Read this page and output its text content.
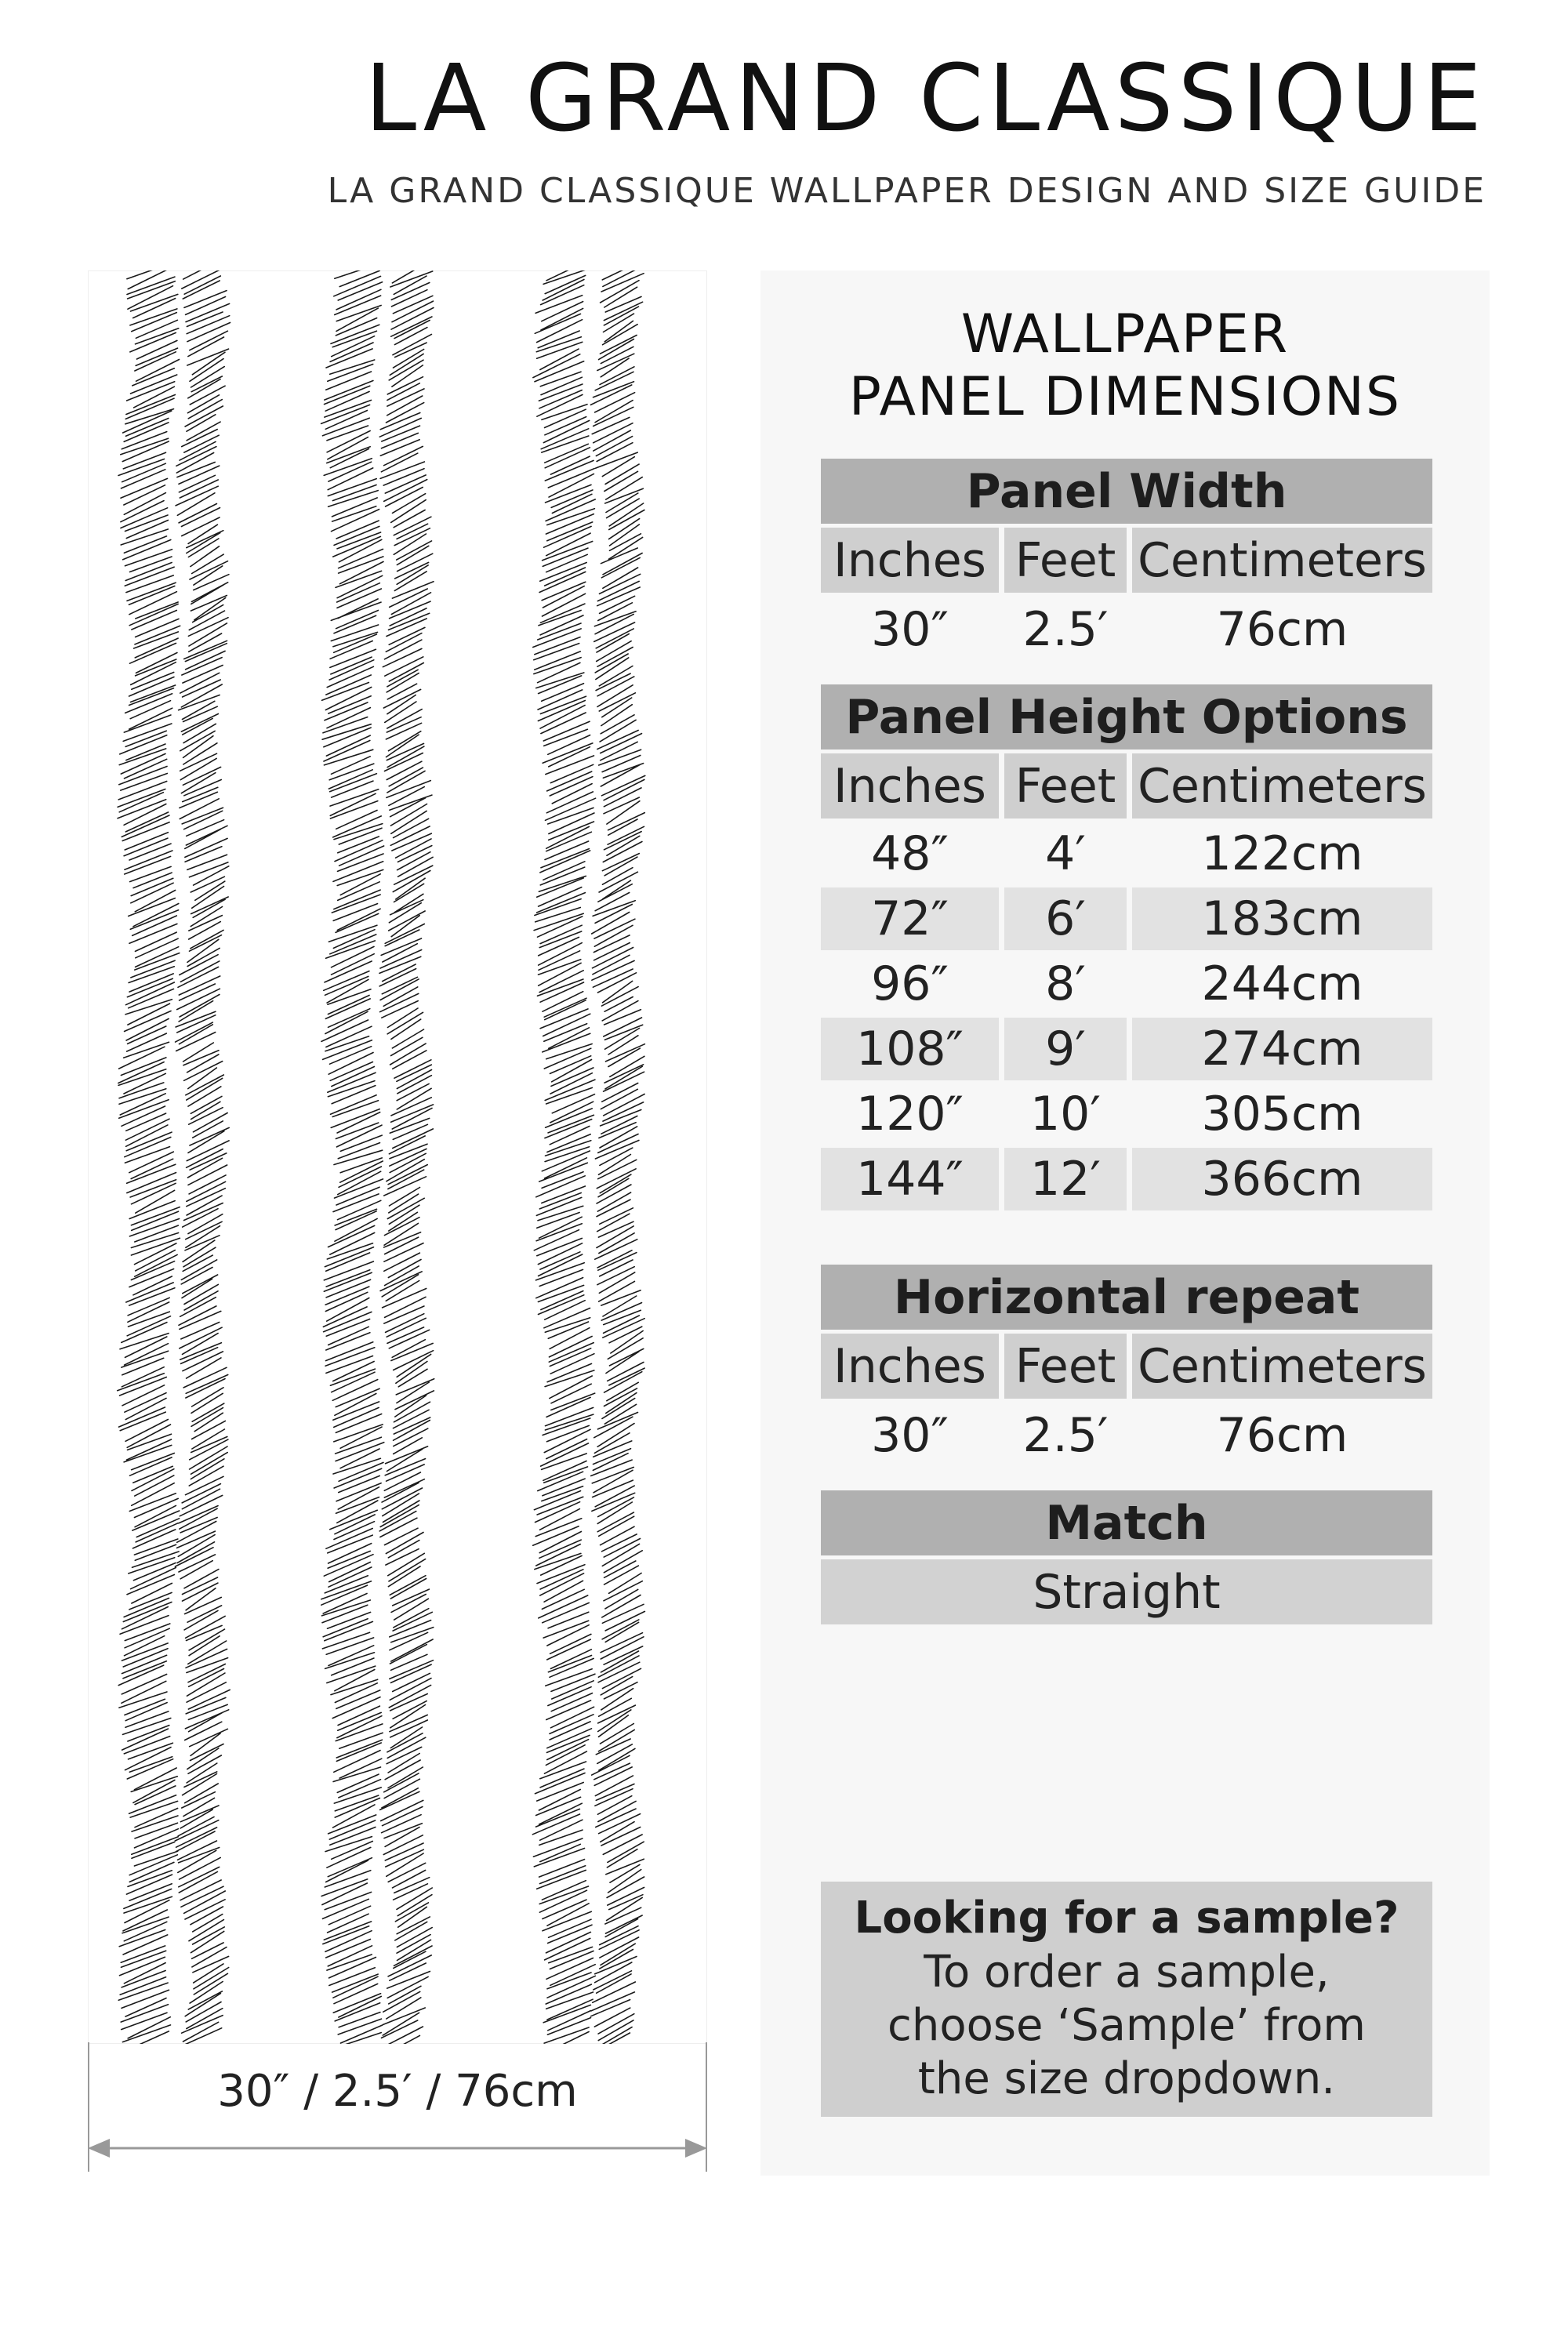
LA GRAND CLASSIQUE

LA GRAND CLASSIQUE WALLPAPER DESIGN AND SIZE GUIDE

30″ / 2.5′ / 76cm
WALLPAPER
PANEL DIMENSIONS
Panel Width
Inches Feet Centimeters
30″	2.5′	76cm
Panel Height Options
Inches Feet Centimeters
48″	4′	122cm
72″	6′	183cm
96″	8′	244cm
108″	9′	274cm
120″	10′	305cm
144″	12′	366cm
Horizontal repeat
Inches Feet Centimeters
30″	2.5′	76cm
Match
Straight
Looking for a sample?
To order a sample,
choose ‘Sample’ from
the size dropdown.
